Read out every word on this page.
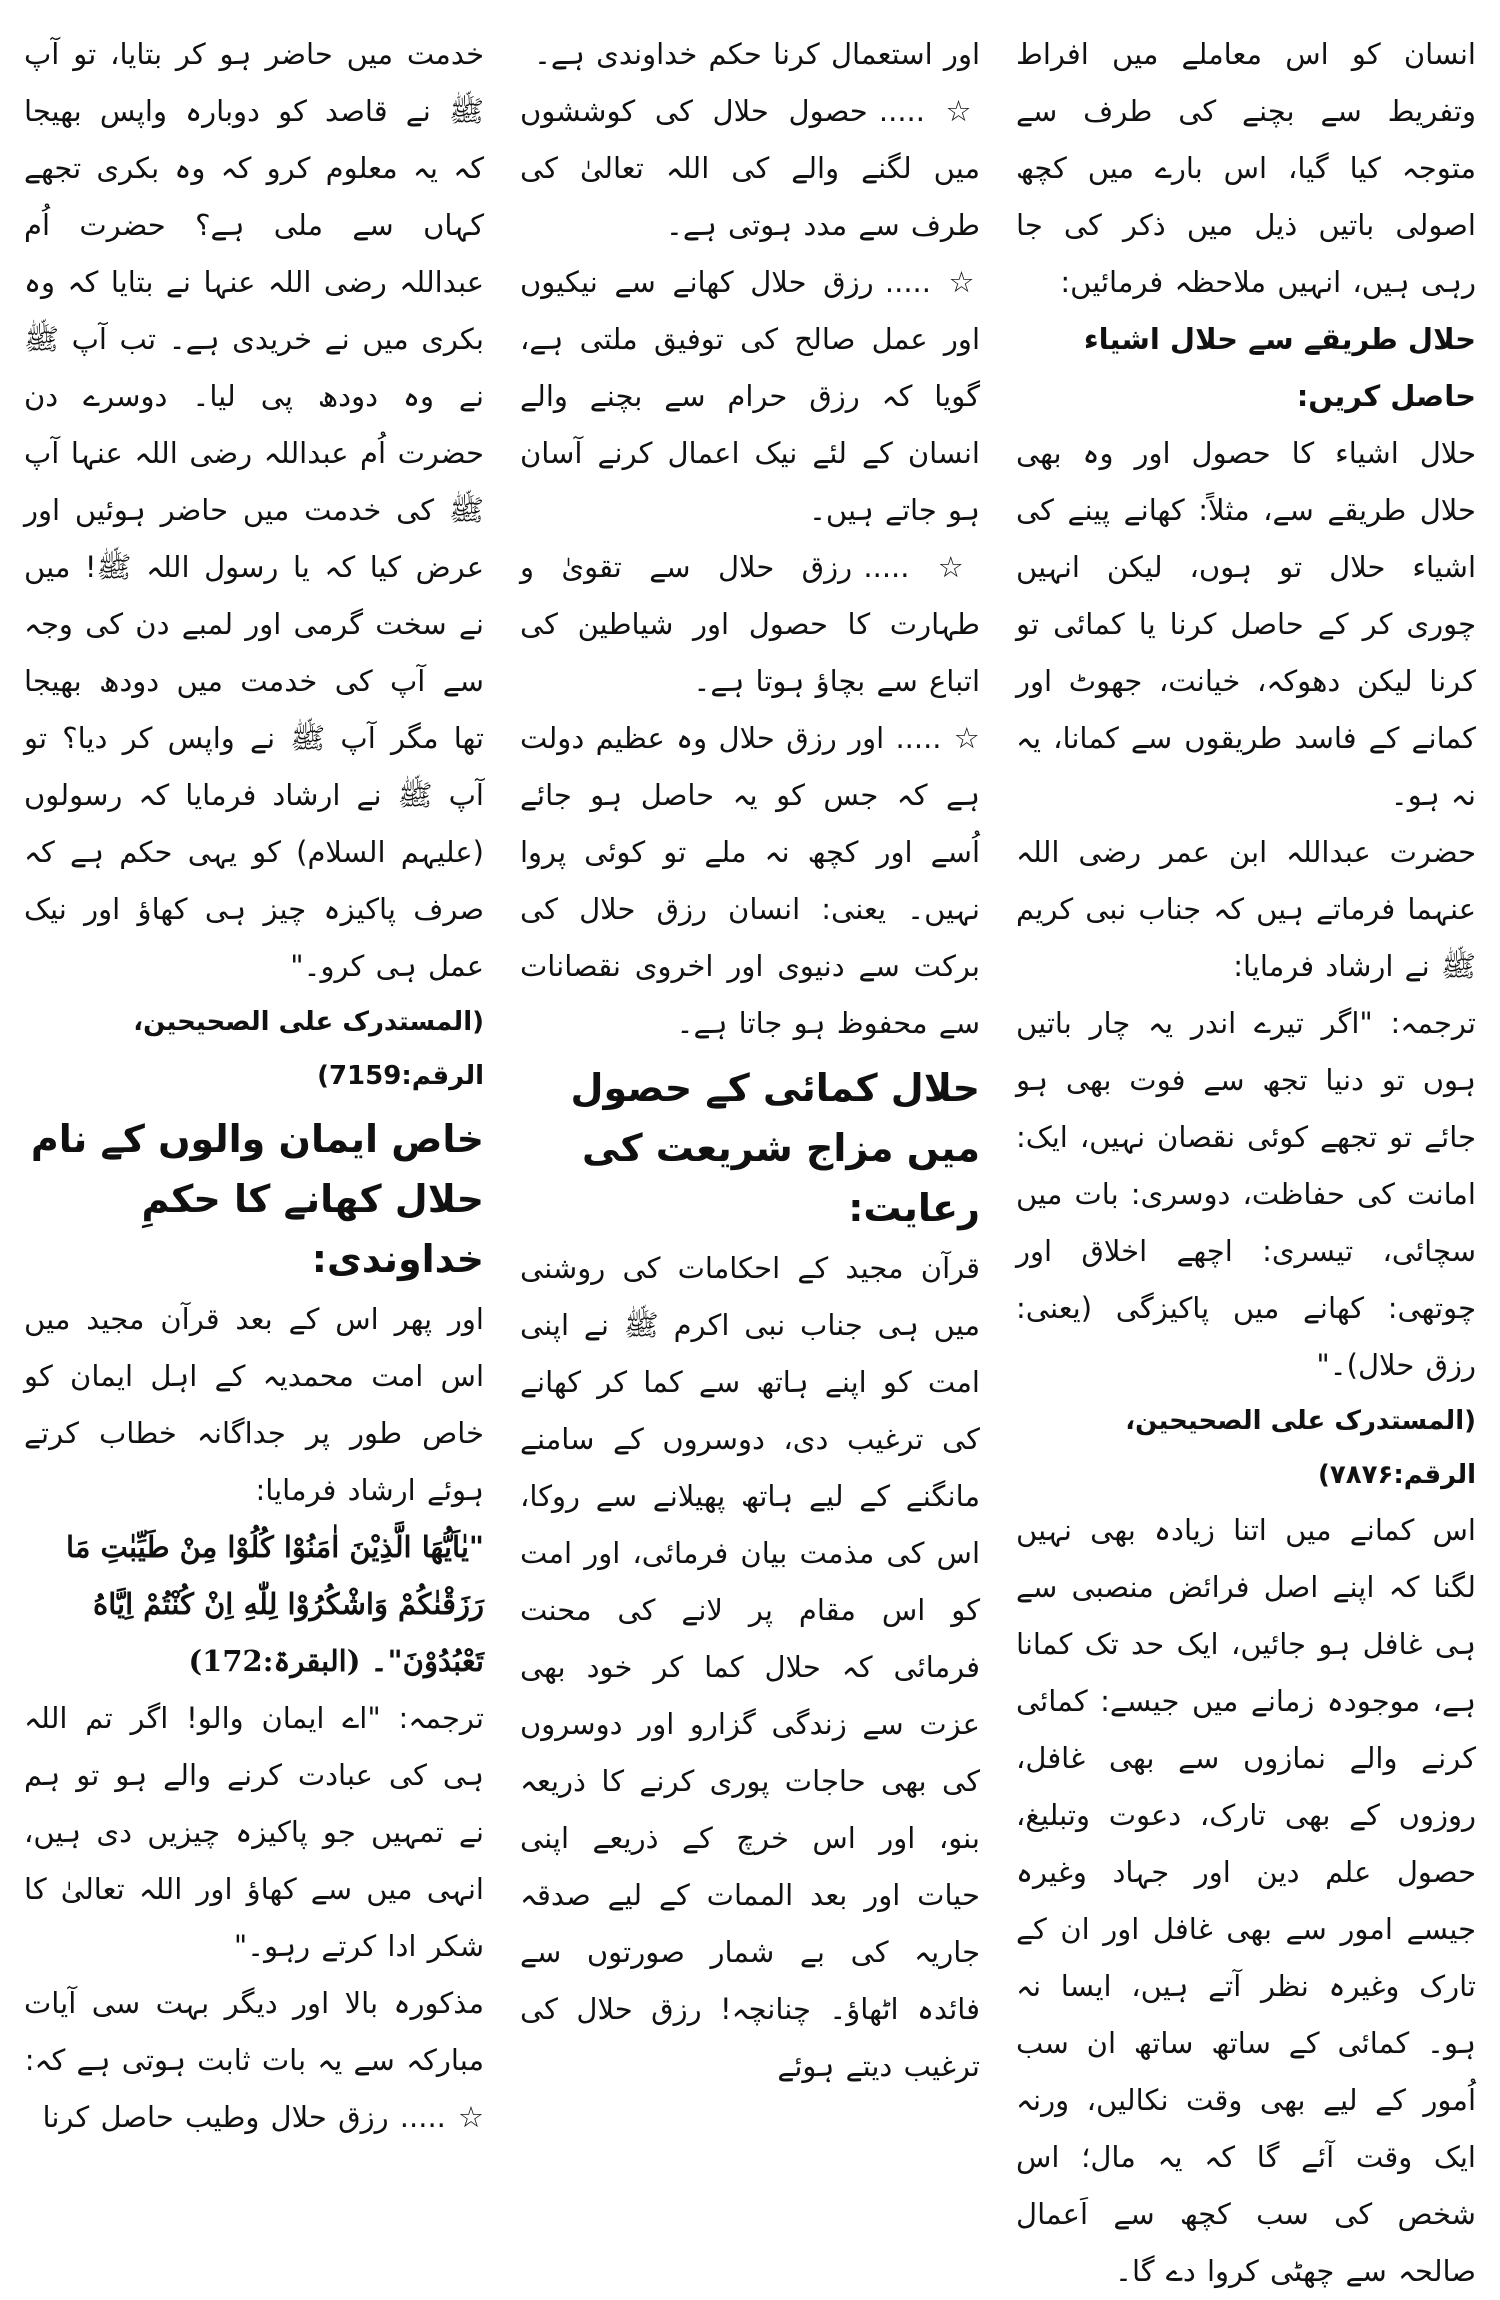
خدمت میں حاضر ہو کر بتایا، تو آپ ﷺ نے قاصد کو دوبارہ واپس بھیجا کہ یہ معلوم کرو کہ وہ بکری تجھے کہاں سے ملی ہے؟ حضرت اُم عبداللہ رضی اللہ عنہا نے بتایا کہ وہ بکری میں نے خریدی ہے۔ تب آپ ﷺ نے وہ دودھ پی لیا۔ دوسرے دن حضرت اُم عبداللہ رضی اللہ عنہا آپ ﷺ کی خدمت میں حاضر ہوئیں اور عرض کیا کہ یا رسول اللہ ﷺ! میں نے سخت گرمی اور لمبے دن کی وجہ سے آپ کی خدمت میں دودھ بھیجا تھا مگر آپ ﷺ نے واپس کر دیا؟ تو آپ ﷺ نے ارشاد فرمایا کہ رسولوں (علیہم السلام) کو یہی حکم ہے کہ صرف پاکیزہ چیز ہی کھاؤ اور نیک عمل ہی کرو۔"

(المستدرک علی الصحیحین، الرقم:7159)

خاص ایمان والوں کے نام حلال کھانے کا حکمِ خداوندی:

اور پھر اس کے بعد قرآن مجید میں اس امت محمدیہ کے اہل ایمان کو خاص طور پر جداگانہ خطاب کرتے ہوئے ارشاد فرمایا:

"یٰاَیُّهَا الَّذِیْنَ اٰمَنُوْا كُلُوْا مِنْ طَیِّبٰتِ مَا رَزَقْنٰكُمْ وَاشْكُرُوْا لِلّٰهِ اِنْ كُنْتُمْ اِیَّاهُ تَعْبُدُوْنَ"۔ (البقرۃ:172)

ترجمہ: "اے ایمان والو! اگر تم اللہ ہی کی عبادت کرنے والے ہو تو ہم نے تمہیں جو پاکیزہ چیزیں دی ہیں، انہی میں سے کھاؤ اور اللہ تعالیٰ کا شکر ادا کرتے رہو۔"

مذکورہ بالا اور دیگر بہت سی آیات مبارکہ سے یہ بات ثابت ہوتی ہے کہ:

☆ ..... رزق حلال وطیب حاصل کرنا

اور استعمال کرنا حکم خداوندی ہے۔

☆ ..... حصول حلال کی کوششوں میں لگنے والے کی اللہ تعالیٰ کی طرف سے مدد ہوتی ہے۔

☆ ..... رزق حلال کھانے سے نیکیوں اور عمل صالح کی توفیق ملتی ہے، گویا کہ رزق حرام سے بچنے والے انسان کے لئے نیک اعمال کرنے آسان ہو جاتے ہیں۔

☆ ..... رزق حلال سے تقویٰ و طہارت کا حصول اور شیاطین کی اتباع سے بچاؤ ہوتا ہے۔

☆ ..... اور رزق حلال وہ عظیم دولت ہے کہ جس کو یہ حاصل ہو جائے اُسے اور کچھ نہ ملے تو کوئی پروا نہیں۔ یعنی: انسان رزق حلال کی برکت سے دنیوی اور اخروی نقصانات سے محفوظ ہو جاتا ہے۔

حلال کمائی کے حصول میں مزاج شریعت کی رعایت:

قرآن مجید کے احکامات کی روشنی میں ہی جناب نبی اکرم ﷺ نے اپنی امت کو اپنے ہاتھ سے کما کر کھانے کی ترغیب دی، دوسروں کے سامنے مانگنے کے لیے ہاتھ پھیلانے سے روکا، اس کی مذمت بیان فرمائی، اور امت کو اس مقام پر لانے کی محنت فرمائی کہ حلال کما کر خود بھی عزت سے زندگی گزارو اور دوسروں کی بھی حاجات پوری کرنے کا ذریعہ بنو، اور اس خرچ کے ذریعے اپنی حیات اور بعد الممات کے لیے صدقہ جاریہ کی بے شمار صورتوں سے فائدہ اٹھاؤ۔ چنانچہ! رزق حلال کی ترغیب دیتے ہوئے

انسان کو اس معاملے میں افراط وتفریط سے بچنے کی طرف سے متوجہ کیا گیا، اس بارے میں کچھ اصولی باتیں ذیل میں ذکر کی جا رہی ہیں، انہیں ملاحظہ فرمائیں:

حلال طریقے سے حلال اشیاء حاصل کریں:

حلال اشیاء کا حصول اور وہ بھی حلال طریقے سے، مثلاً: کھانے پینے کی اشیاء حلال تو ہوں، لیکن انہیں چوری کر کے حاصل کرنا یا کمائی تو کرنا لیکن دھوکہ، خیانت، جھوٹ اور کمانے کے فاسد طریقوں سے کمانا، یہ نہ ہو۔

حضرت عبداللہ ابن عمر رضی اللہ عنہما فرماتے ہیں کہ جناب نبی کریم ﷺ نے ارشاد فرمایا:

ترجمہ: "اگر تیرے اندر یہ چار باتیں ہوں تو دنیا تجھ سے فوت بھی ہو جائے تو تجھے کوئی نقصان نہیں، ایک: امانت کی حفاظت، دوسری: بات میں سچائی، تیسری: اچھے اخلاق اور چوتھی: کھانے میں پاکیزگی (یعنی: رزق حلال)۔"

(المستدرک علی الصحیحین، الرقم:۷۸۷۶)

اس کمانے میں اتنا زیادہ بھی نہیں لگنا کہ اپنے اصل فرائض منصبی سے ہی غافل ہو جائیں، ایک حد تک کمانا ہے، موجودہ زمانے میں جیسے: کمائی کرنے والے نمازوں سے بھی غافل، روزوں کے بھی تارک، دعوت وتبلیغ، حصول علم دین اور جہاد وغیرہ جیسے امور سے بھی غافل اور ان کے تارک وغیرہ نظر آتے ہیں، ایسا نہ ہو۔ کمائی کے ساتھ ساتھ ان سب اُمور کے لیے بھی وقت نکالیں، ورنہ ایک وقت آئے گا کہ یہ مال؛ اس شخص کی سب کچھ سے اَعمال صالحہ سے چھٹی کروا دے گا۔
